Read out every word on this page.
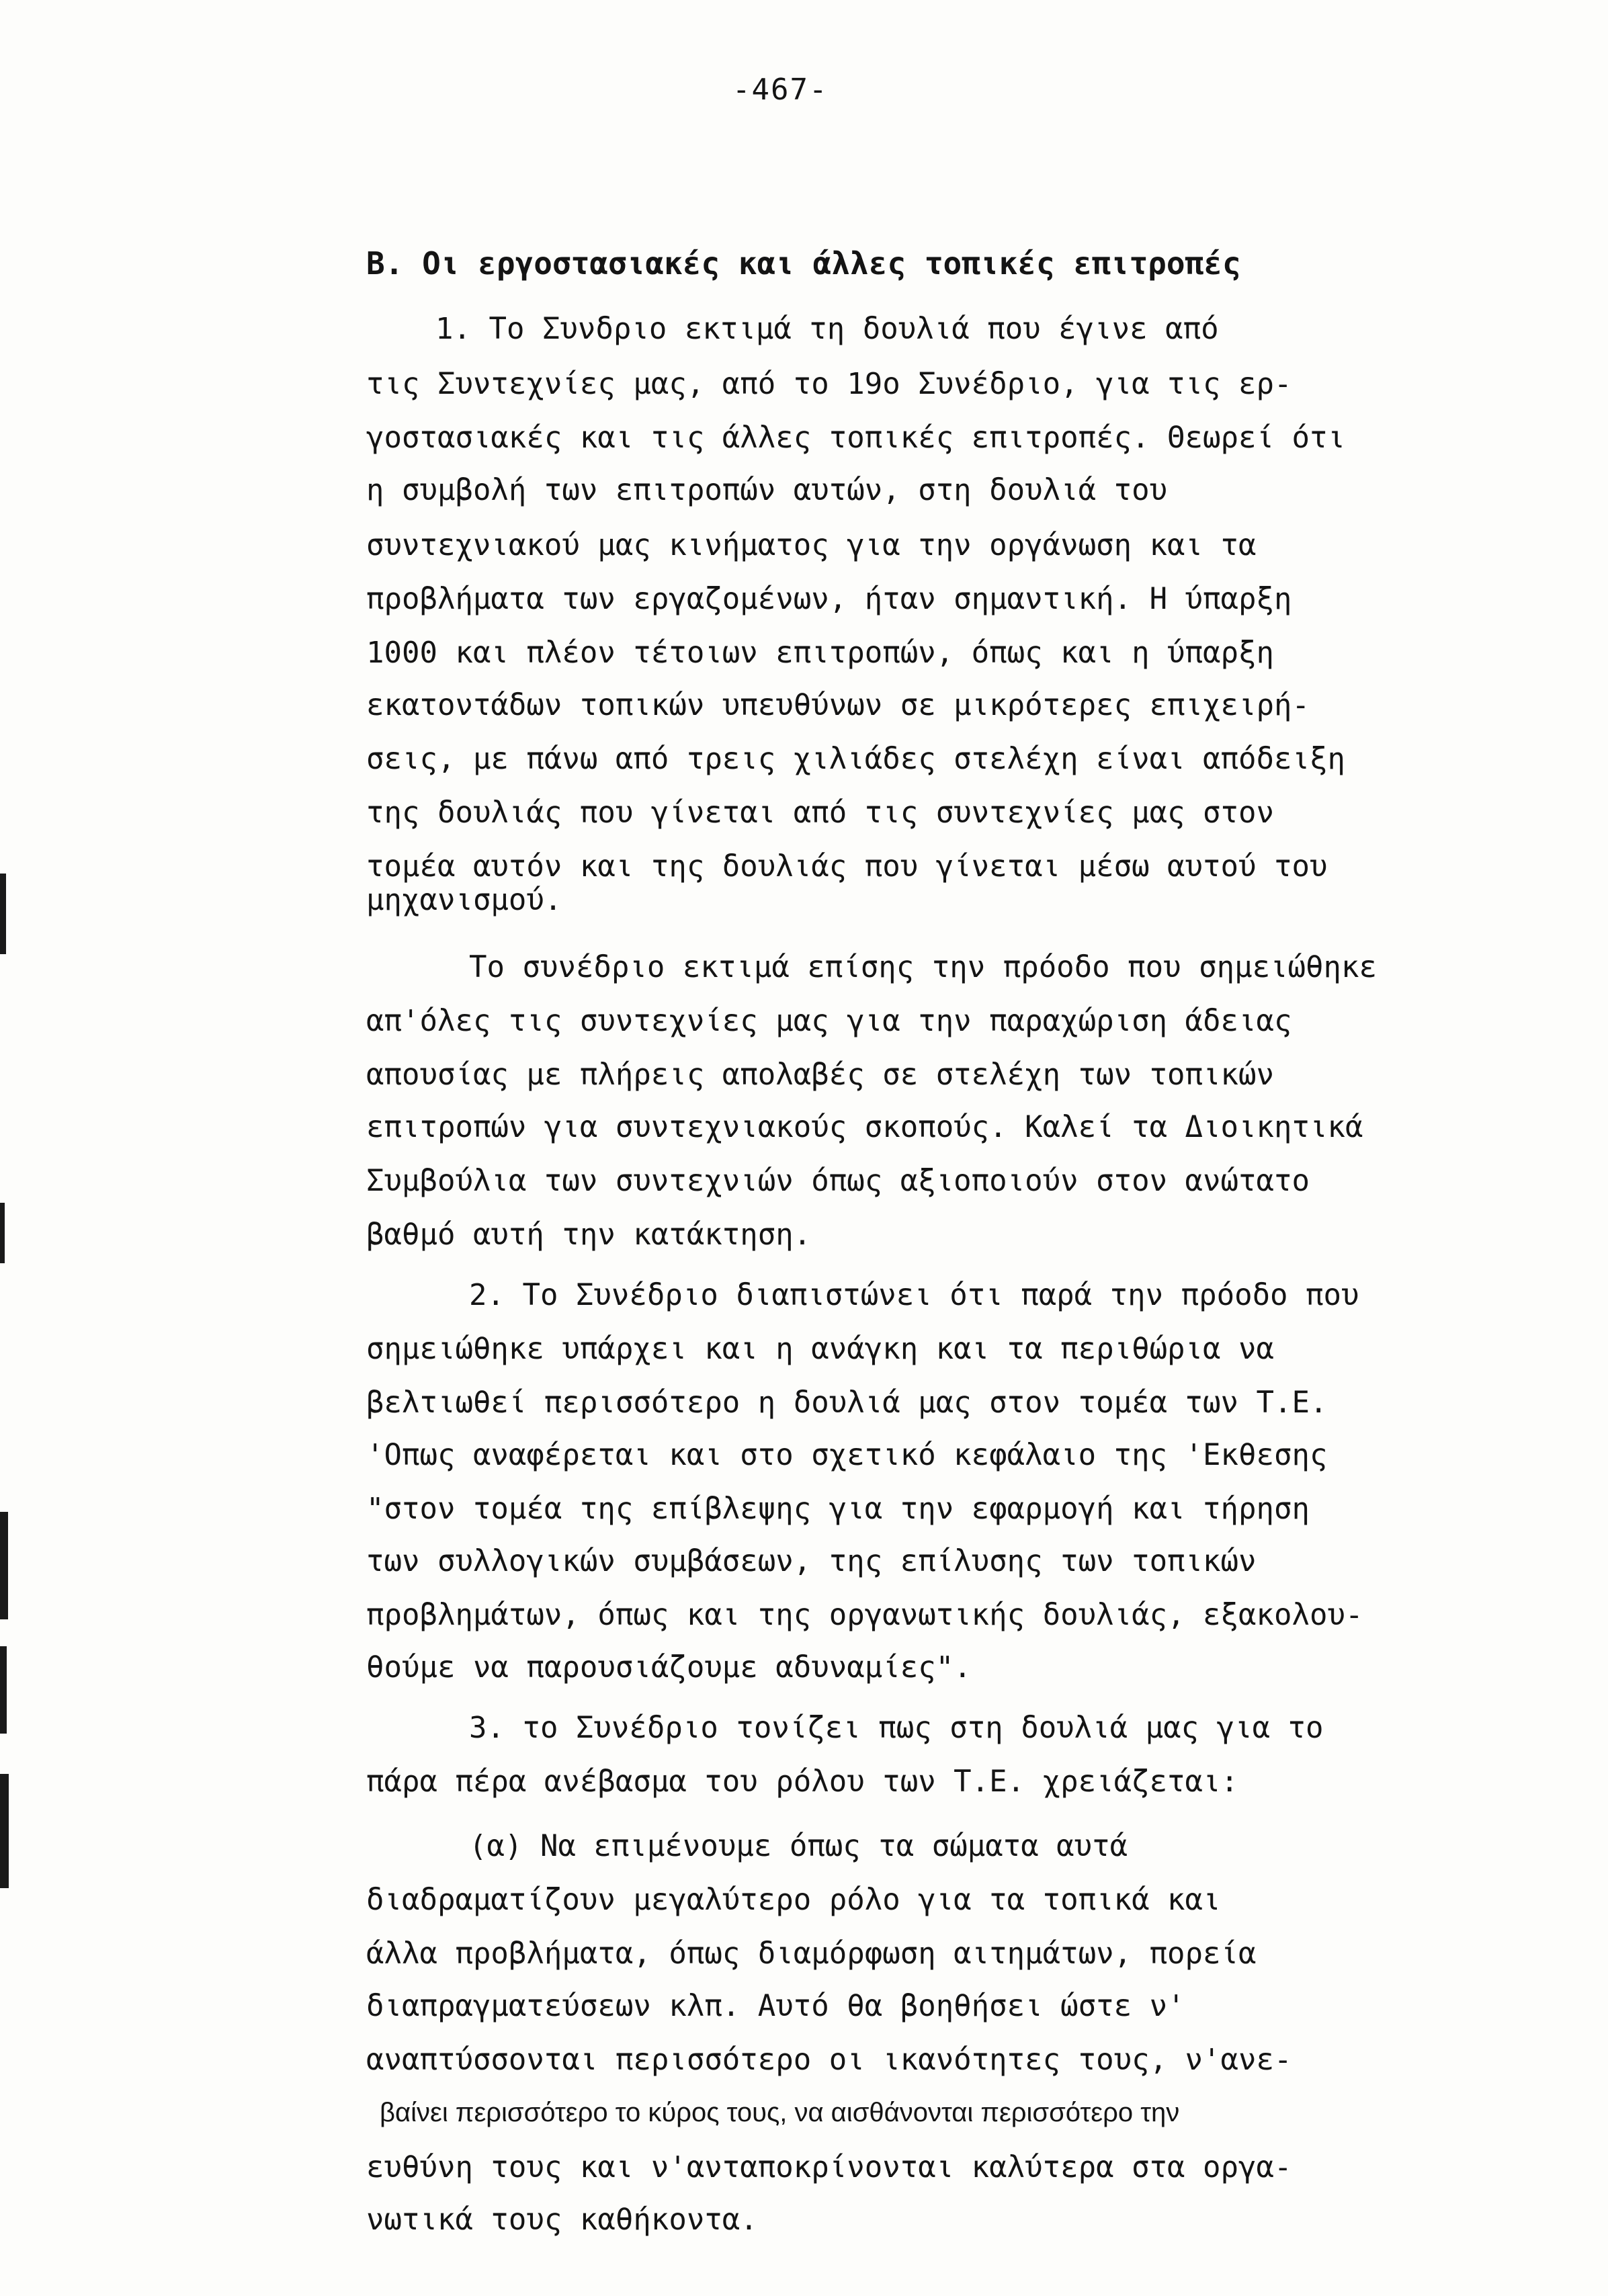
-467-
Β. Οι εργοστασιακές και άλλες τοπικές επιτροπές
1. Το Συνδριο εκτιμά τη δουλιά που έγινε από
τις Συντεχνίες μας, από το 19ο Συνέδριο, για τις ερ-
γοστασιακές και τις άλλες τοπικές επιτροπές. Θεωρεί ότι
η συμβολή των επιτροπών αυτών, στη δουλιά του
συντεχνιακού μας κινήματος για την οργάνωση και τα
προβλήματα των εργαζομένων, ήταν σημαντική. Η ύπαρξη
1000 και πλέον τέτοιων επιτροπών, όπως και η ύπαρξη
εκατοντάδων τοπικών υπευθύνων σε μικρότερες επιχειρή-
σεις, με πάνω από τρεις χιλιάδες στελέχη είναι απόδειξη
της δουλιάς που γίνεται από τις συντεχνίες μας στον
τομέα αυτόν και της δουλιάς που γίνεται μέσω αυτού του
μηχανισμού.
Το συνέδριο εκτιμά επίσης την πρόοδο που σημειώθηκε
απ'όλες τις συντεχνίες μας για την παραχώριση άδειας
απουσίας με πλήρεις απολαβές σε στελέχη των τοπικών
επιτροπών για συντεχνιακούς σκοπούς. Καλεί τα Διοικητικά
Συμβούλια των συντεχνιών όπως αξιοποιούν στον ανώτατο
βαθμό αυτή την κατάκτηση.
2. Το Συνέδριο διαπιστώνει ότι παρά την πρόοδο που
σημειώθηκε υπάρχει και η ανάγκη και τα περιθώρια να
βελτιωθεί περισσότερο η δουλιά μας στον τομέα των Τ.Ε.
'Οπως αναφέρεται και στο σχετικό κεφάλαιο της 'Εκθεσης
"στον τομέα της επίβλεψης για την εφαρμογή και τήρηση
των συλλογικών συμβάσεων, της επίλυσης των τοπικών
προβλημάτων, όπως και της οργανωτικής δουλιάς, εξακολου-
θούμε να παρουσιάζουμε αδυναμίες".
3. το Συνέδριο τονίζει πως στη δουλιά μας για το
πάρα πέρα ανέβασμα του ρόλου των Τ.Ε. χρειάζεται:
(α) Να επιμένουμε όπως τα σώματα αυτά
διαδραματίζουν μεγαλύτερο ρόλο για τα τοπικά και
άλλα προβλήματα, όπως διαμόρφωση αιτημάτων, πορεία
διαπραγματεύσεων κλπ. Αυτό θα βοηθήσει ώστε ν'
αναπτύσσονται περισσότερο οι ικανότητες τους, ν'ανε-
βαίνει περισσότερο το κύρος τους, να αισθάνονται περισσότερο την
ευθύνη τους και ν'ανταποκρίνονται καλύτερα στα οργα-
νωτικά τους καθήκοντα.
